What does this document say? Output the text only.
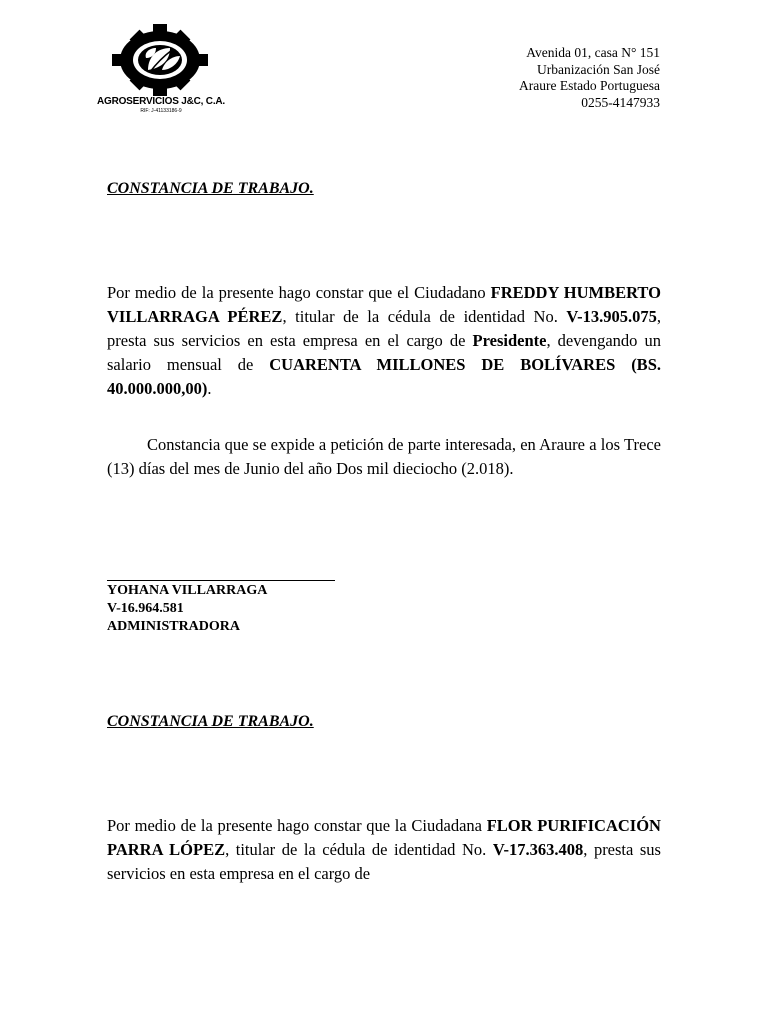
AGROSERVICIOS J&C, C.A.
RIF: J-41133186-9
Avenida 01, casa N° 151
Urbanización San José
Araure Estado Portuguesa
0255-4147933
CONSTANCIA DE TRABAJO.
Por medio de la presente hago constar que el Ciudadano FREDDY HUMBERTO VILLARRAGA PÉREZ, titular de la cédula de identidad No. V-13.905.075, presta sus servicios en esta empresa en el cargo de Presidente, devengando un salario mensual de CUARENTA MILLONES DE BOLÍVARES (BS. 40.000.000,00).
Constancia que se expide a petición de parte interesada, en Araure a los Trece (13) días del mes de Junio del año Dos mil dieciocho (2.018).
YOHANA VILLARRAGA
V-16.964.581
ADMINISTRADORA
CONSTANCIA DE TRABAJO.
Por medio de la presente hago constar que la Ciudadana FLOR PURIFICACIÓN PARRA LÓPEZ, titular de la cédula de identidad No. V-17.363.408, presta sus servicios en esta empresa en el cargo de
